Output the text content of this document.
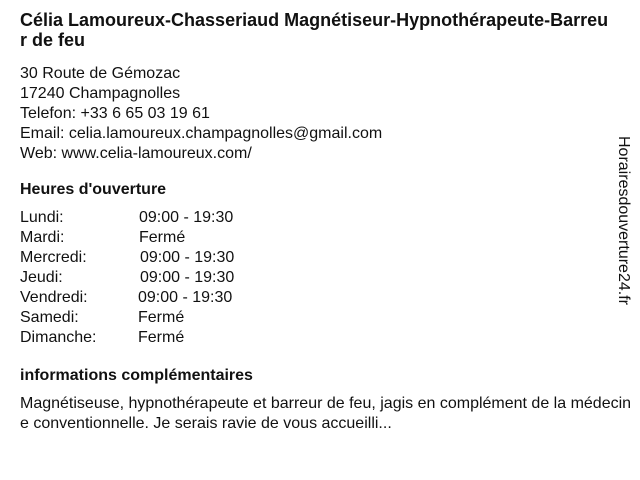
Célia Lamoureux-Chasseriaud Magnétiseur-Hypnothérapeute-Barreur de feu
30 Route de Gémozac
17240 Champagnolles
Telefon: +33 6 65 03 19 61
Email: celia.lamoureux.champagnolles@gmail.com
Web: www.celia-lamoureux.com/
Heures d'ouverture
Lundi:	09:00 - 19:30
Mardi:	Fermé
Mercredi:	09:00 - 19:30
Jeudi:	09:00 - 19:30
Vendredi:	09:00 - 19:30
Samedi:	Fermé
Dimanche:	Fermé
informations complémentaires
Magnétiseuse, hypnothérapeute et barreur de feu, jagis en complément de la médecine conventionnelle. Je serais ravie de vous accueilli...
Horairesdouverture24.fr
